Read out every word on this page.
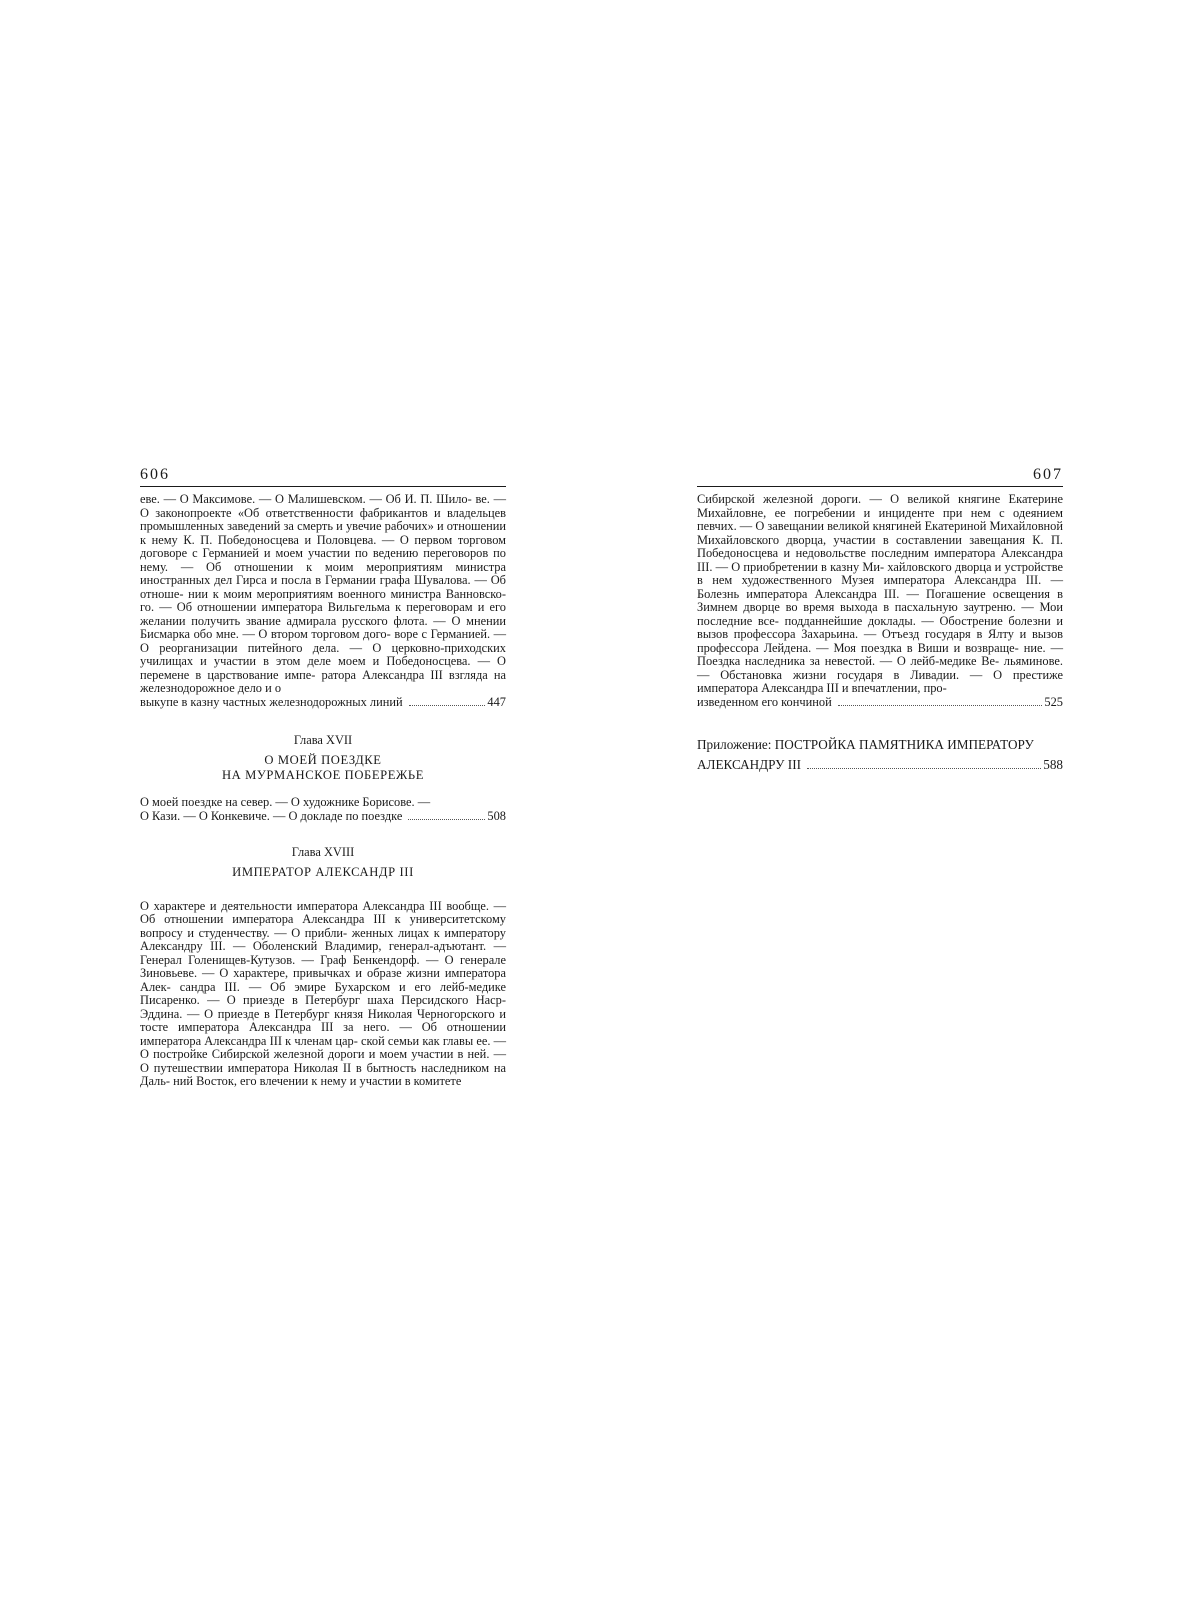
606
еве. — О Максимове. — О Малишевском. — Об И. П. Шило- ве. — О законопроекте «Об ответственности фабрикантов и владельцев промышленных заведений за смерть и увечие рабочих» и отношении к нему К. П. Победоносцева и Половцева. — О первом торговом договоре с Германией и моем участии по ведению переговоров по нему. — Об отношении к моим мероприятиям министра иностранных дел Гирса и посла в Германии графа Шувалова. — Об отноше- нии к моим мероприятиям военного министра Ванновско- го. — Об отношении императора Вильгельма к переговорам и его желании получить звание адмирала русского флота. — О мнении Бисмарка обо мне. — О втором торговом дого- воре с Германией. — О реорганизации питейного дела. — О церковно-приходских училищах и участии в этом деле моем и Победоносцева. — О перемене в царствование импе- ратора Александра III взгляда на железнодорожное дело и о
выкупе в казну частных железнодорожных линий	447

Глава XVII

О МОЕЙ ПОЕЗДКЕ
НА МУРМАНСКОЕ ПОБЕРЕЖЬЕ

О моей поездке на север. — О художнике Борисове. —
О Кази. — О Конкевиче. — О докладе по поездке	508

Глава XVIII

ИМПЕРАТОР АЛЕКСАНДР III

О характере и деятельности императора Александра III вообще. — Об отношении императора Александра III к университетскому вопросу и студенчеству. — О прибли- женных лицах к императору Александру III. — Оболенский Владимир, генерал-адъютант. — Генерал Голенищев-Кутузов. — Граф Бенкендорф. — О генерале Зиновьеве. — О характере, привычках и образе жизни императора Алек- сандра III. — Об эмире Бухарском и его лейб-медике Писаренко. — О приезде в Петербург шаха Персидского Наср-Эддина. — О приезде в Петербург князя Николая Черногорского и тосте императора Александра III за него. — Об отношении императора Александра III к членам цар- ской семьи как главы ее. — О постройке Сибирской железной дороги и моем участии в ней. — О путешествии императора Николая II в бытность наследником на Даль- ний Восток, его влечении к нему и участии в комитете
607
Сибирской железной дороги. — О великой княгине Екатерине Михайловне, ее погребении и инциденте при нем с одеянием певчих. — О завещании великой княгиней Екатериной Михайловной Михайловского дворца, участии в составлении завещания К. П. Победоносцева и недовольстве последним императора Александра III. — О приобретении в казну Ми- хайловского дворца и устройстве в нем художественного Музея императора Александра III. — Болезнь императора Александра III. — Погашение освещения в Зимнем дворце во время выхода в пасхальную заутреню. — Мои последние все- подданнейшие доклады. — Обострение болезни и вызов профессора Захарьина. — Отъезд государя в Ялту и вызов профессора Лейдена. — Моя поездка в Виши и возвраще- ние. — Поездка наследника за невестой. — О лейб-медике Ве- льяминове. — Обстановка жизни государя в Ливадии. — О престиже императора Александра III и впечатлении, про-
изведенном его кончиной	525

Приложение: ПОСТРОЙКА ПАМЯТНИКА ИМПЕРАТОРУ

АЛЕКСАНДРУ III	588
